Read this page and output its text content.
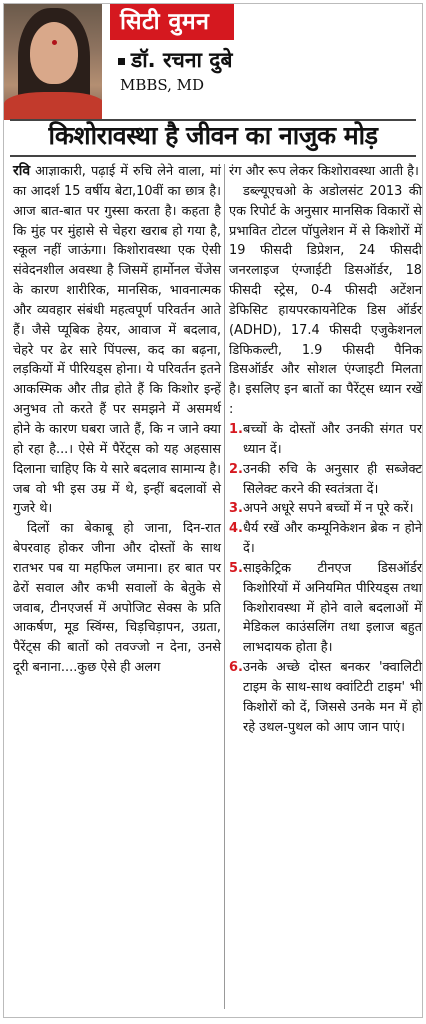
सिटी वुमन
डॉ. रचना दुबे
MBBS, MD
किशोरावस्था है जीवन का नाजुक मोड़

रवि आज्ञाकारी, पढ़ाई में रुचि लेने वाला, मां का आदर्श 15 वर्षीय बेटा,10वीं का छात्र है। आज बात-बात पर गुस्सा करता है। कहता है कि मुंह पर मुंहासे से चेहरा खराब हो गया है, स्कूल नहीं जाऊंगा। किशोरावस्था एक ऐसी संवेदनशील अवस्था है जिसमें हार्मोनल चेंजेस के कारण शारीरिक, मानसिक, भावनात्मक और व्यवहार संबंधी महत्वपूर्ण परिवर्तन आते हैं। जैसे प्यूबिक हेयर, आवाज में बदलाव, चेहरे पर ढेर सारे पिंपल्स, कद का बढ़ना, लड़कियों में पीरियड्स होना। ये परिवर्तन इतने आकस्मिक और तीव्र होते हैं कि किशोर इन्हें अनुभव तो करते हैं पर समझने में असमर्थ होने के कारण घबरा जाते हैं, कि न जाने क्या हो रहा है...। ऐसे में पैरेंट्स को यह अहसास दिलाना चाहिए कि ये सारे बदलाव सामान्य है। जब वो भी इस उम्र में थे, इन्हीं बदलावों से गुजरे थे।

दिलों का बेकाबू हो जाना, दिन-रात बेपरवाह होकर जीना और दोस्तों के साथ रातभर पब या महफिल जमाना। हर बात पर ढेरों सवाल और कभी सवालों के बेतुके से जवाब, टीनएजर्स में अपोजिट सेक्स के प्रति आकर्षण, मूड स्विंग्स, चिड़चिड़ापन, उग्रता, पैरेंट्स की बातों को तवज्जो न देना, उनसे दूरी बनाना....कुछ ऐसे ही अलग

रंग और रूप लेकर किशोरावस्था आती है।

डब्ल्यूएचओ के अडोलसंट 2013 की एक रिपोर्ट के अनुसार मानसिक विकारों से प्रभावित टोटल पॉपुलेशन में से किशोरों में 19 फीसदी डिप्रेशन, 24 फीसदी जनरलाइज एंग्जाईटी डिसऑर्डर, 18 फीसदी स्ट्रेस, 0-4 फीसदी अटेंशन डेफिसिट हायपरकायनेटिक डिस ऑर्डर (ADHD), 17.4 फीसदी एजुकेशनल डिफिकल्टी, 1.9 फीसदी पैनिक डिसऑर्डर और सोशल एंग्जाइटी मिलता है। इसलिए इन बातों का पैरेंट्स ध्यान रखें :

1. बच्चों के दोस्तों और उनकी संगत पर ध्यान दें।
2. उनकी रुचि के अनुसार ही सब्जेक्ट सिलेक्ट करने की स्वतंत्रता दें।
3. अपने अधूरे सपने बच्चों में न पूरे करें।
4. धैर्य रखें और कम्यूनिकेशन ब्रेक न होने दें।
5. साइकेट्रिक टीनएज डिसऑर्डर किशोरियों में अनियमित पीरियड्स तथा किशोरावस्था में होने वाले बदलाओं में मेडिकल काउंसलिंग तथा इलाज बहुत लाभदायक होता है।
6. उनके अच्छे दोस्त बनकर 'क्वालिटी टाइम के साथ-साथ क्वांटिटी टाइम' भी किशोरों को दें, जिससे उनके मन में हो रहे उथल-पुथल को आप जान पाएं।
